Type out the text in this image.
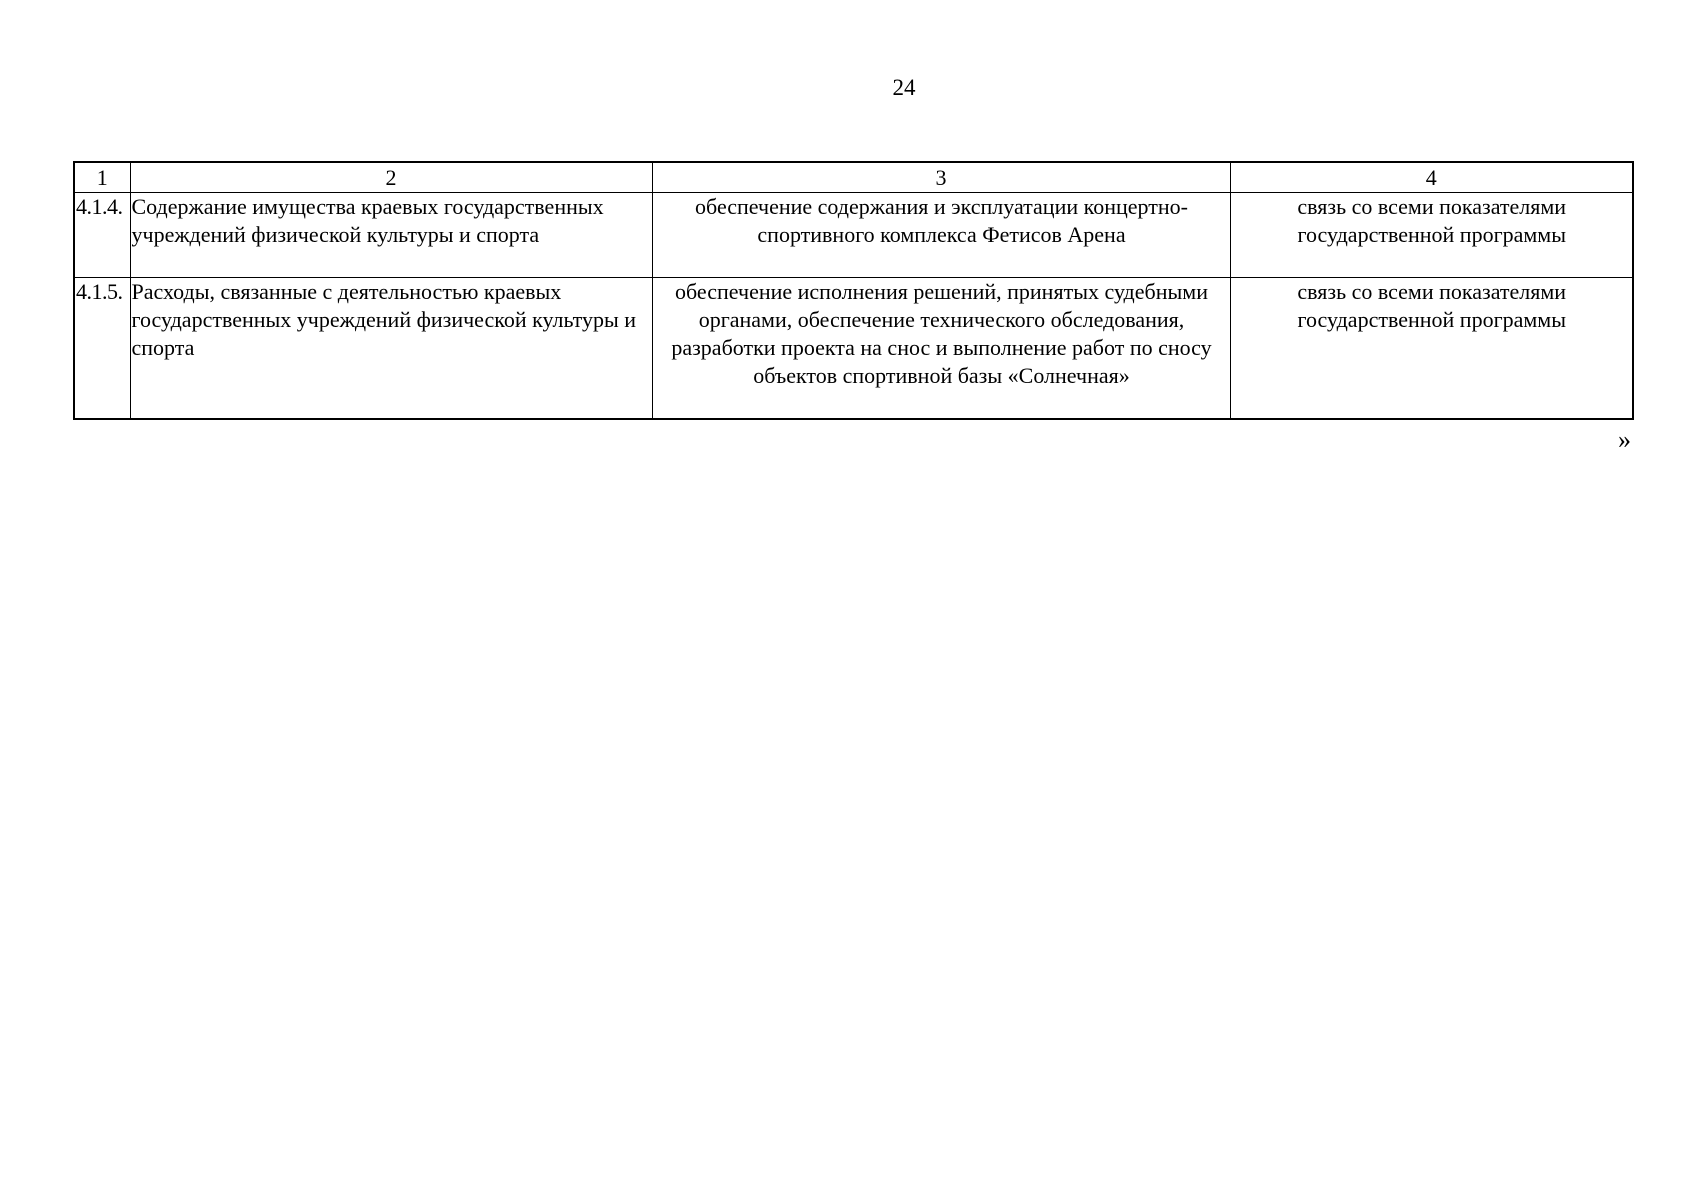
24
1	2	3	4
4.1.4.	Содержание имущества краевых государственных учреждений физической культуры и спорта	обеспечение содержания и эксплуатации концертно-спортивного комплекса Фетисов Арена	связь со всеми показателями государственной программы
4.1.5.	Расходы, связанные с деятельностью краевых государственных учреждений физической культуры и спорта	обеспечение исполнения решений, принятых судебными органами, обеспечение технического обследования, разработки проекта на снос и выполнение работ по сносу объектов спортивной базы «Солнечная»	связь со всеми показателями государственной программы
»
